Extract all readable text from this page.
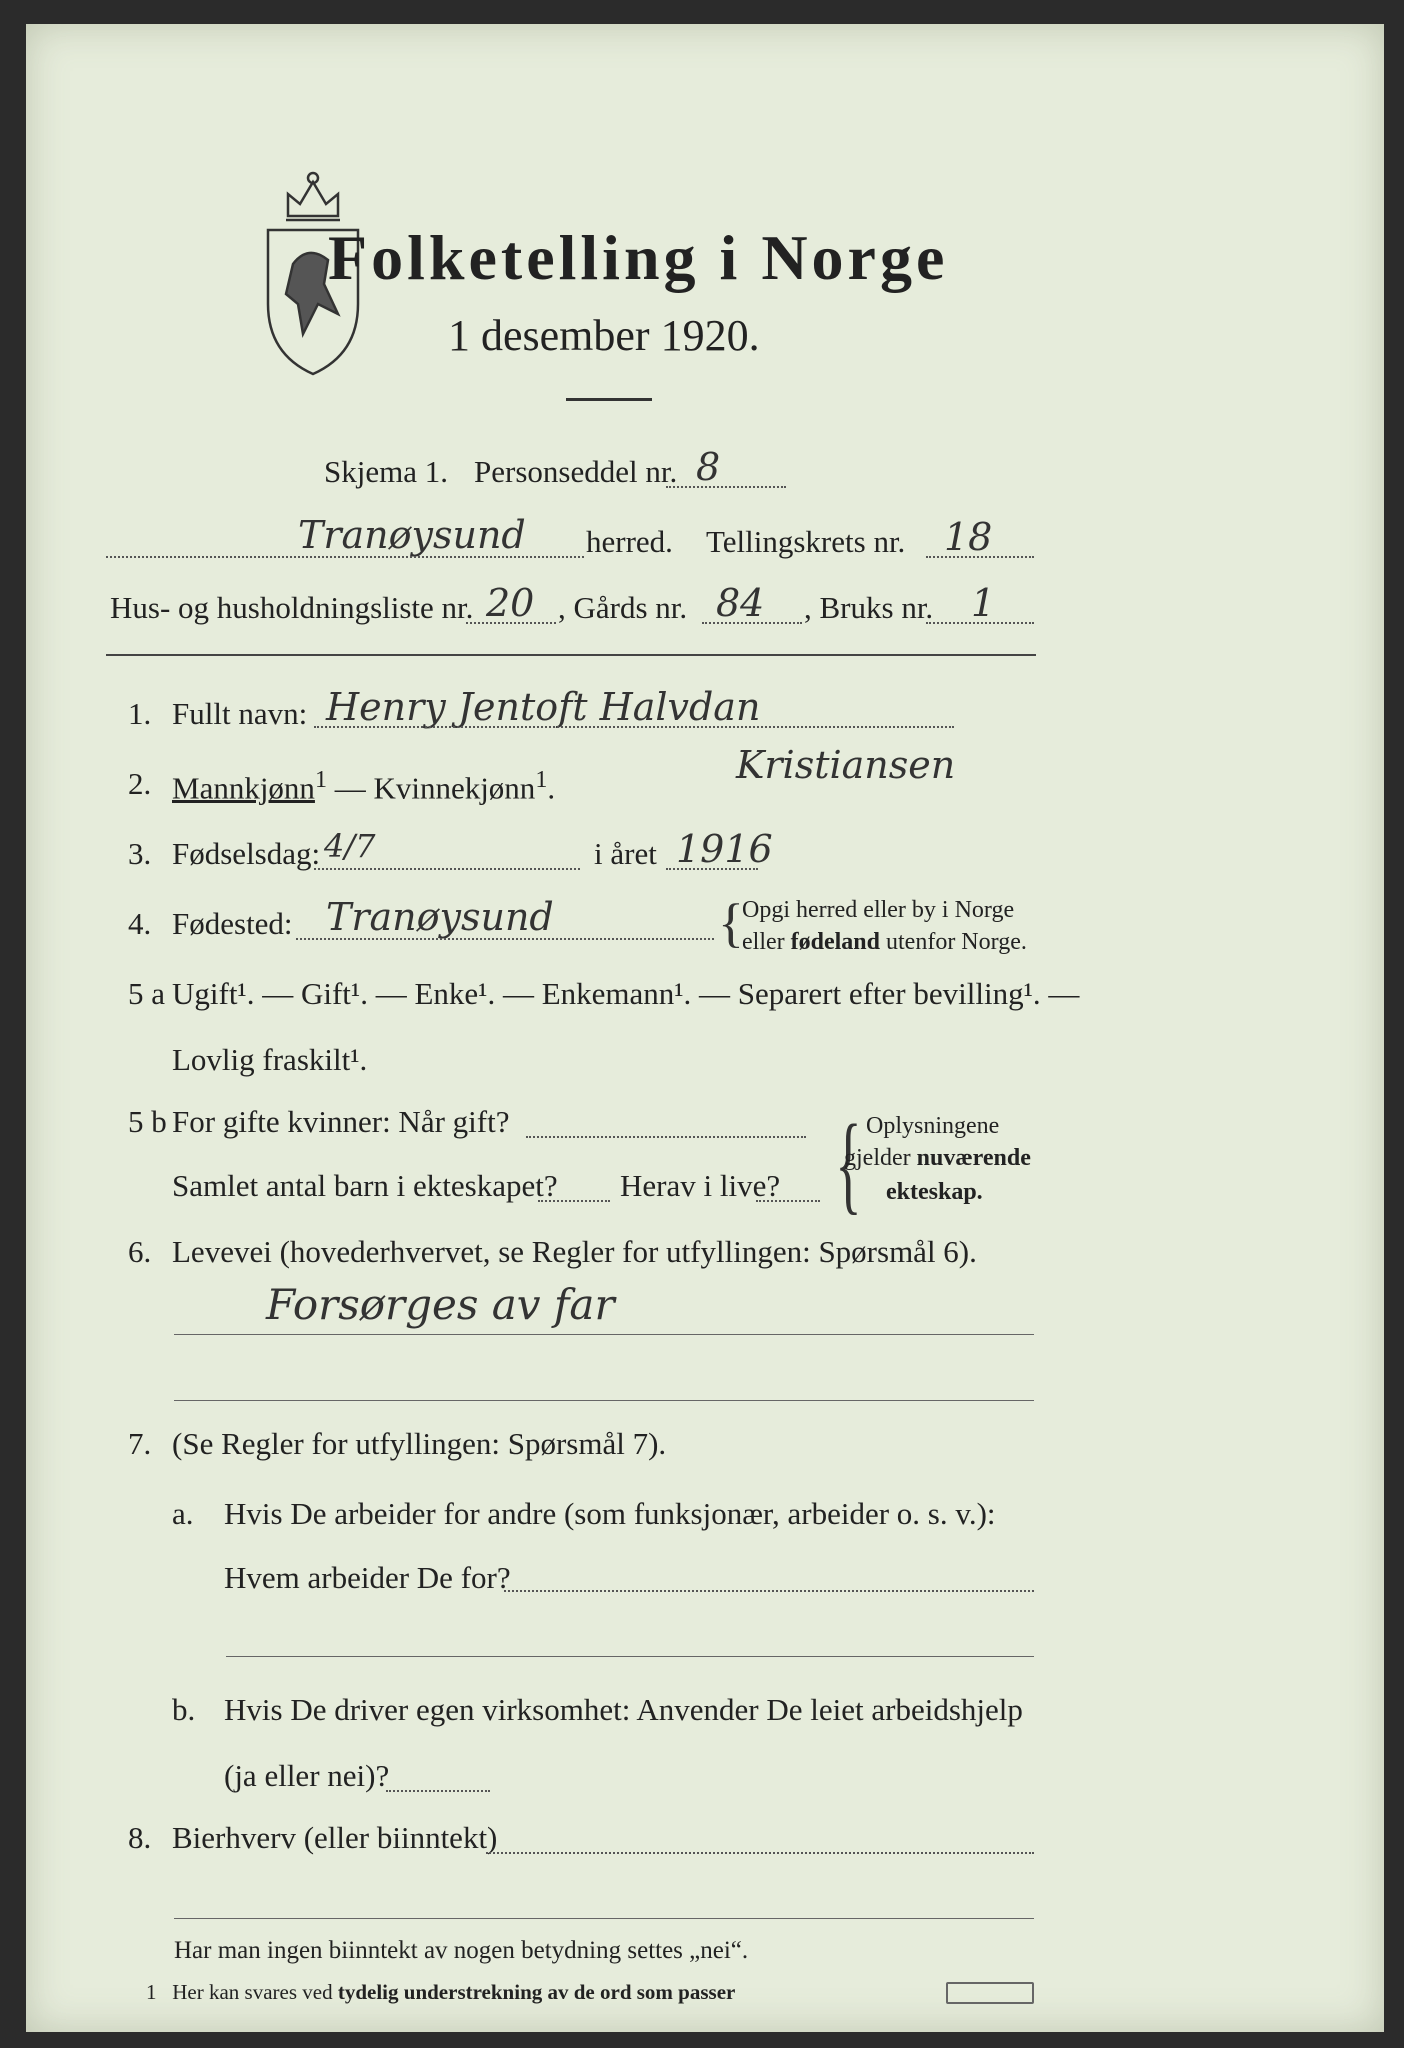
Folketelling i Norge
1 desember 1920.
Skjema 1. Personseddel nr. 8
Tranøysund herred. Tellingskrets nr. 18
Hus- og husholdningsliste nr. 20 , Gårds nr. 84 , Bruks nr. 1
1. Fullt navn: Henry Jentoft Halvdan
Kristiansen
2. Mannkjønn$^1$ — Kvinnekjønn$^1$.
3. Fødselsdag: 4/7	i året 1916
4. Fødested: Tranøysund	{
Opgi herred eller by i Norge
eller fødeland utenfor Norge.
5 a Ugift¹. — Gift¹. — Enke¹. — Enkemann¹. — Separert efter bevilling¹. —
Lovlig fraskilt¹.
5 b For gifte kvinner: Når gift?
Samlet antal barn i ekteskapet? Herav i live? { Oplysningene
gjelder nuværende
ekteskap.
6. Levevei (hovederhvervet, se Regler for utfyllingen: Spørsmål 6).
Forsørges av far
7. (Se Regler for utfyllingen: Spørsmål 7).
a. Hvis De arbeider for andre (som funksjonær, arbeider o. s. v.):
Hvem arbeider De for?
b. Hvis De driver egen virksomhet: Anvender De leiet arbeidshjelp
(ja eller nei)?
8. Bierhverv (eller biinntekt)
Har man ingen biinntekt av nogen betydning settes „nei“.
1 Her kan svares ved tydelig understrekning av de ord som passer
